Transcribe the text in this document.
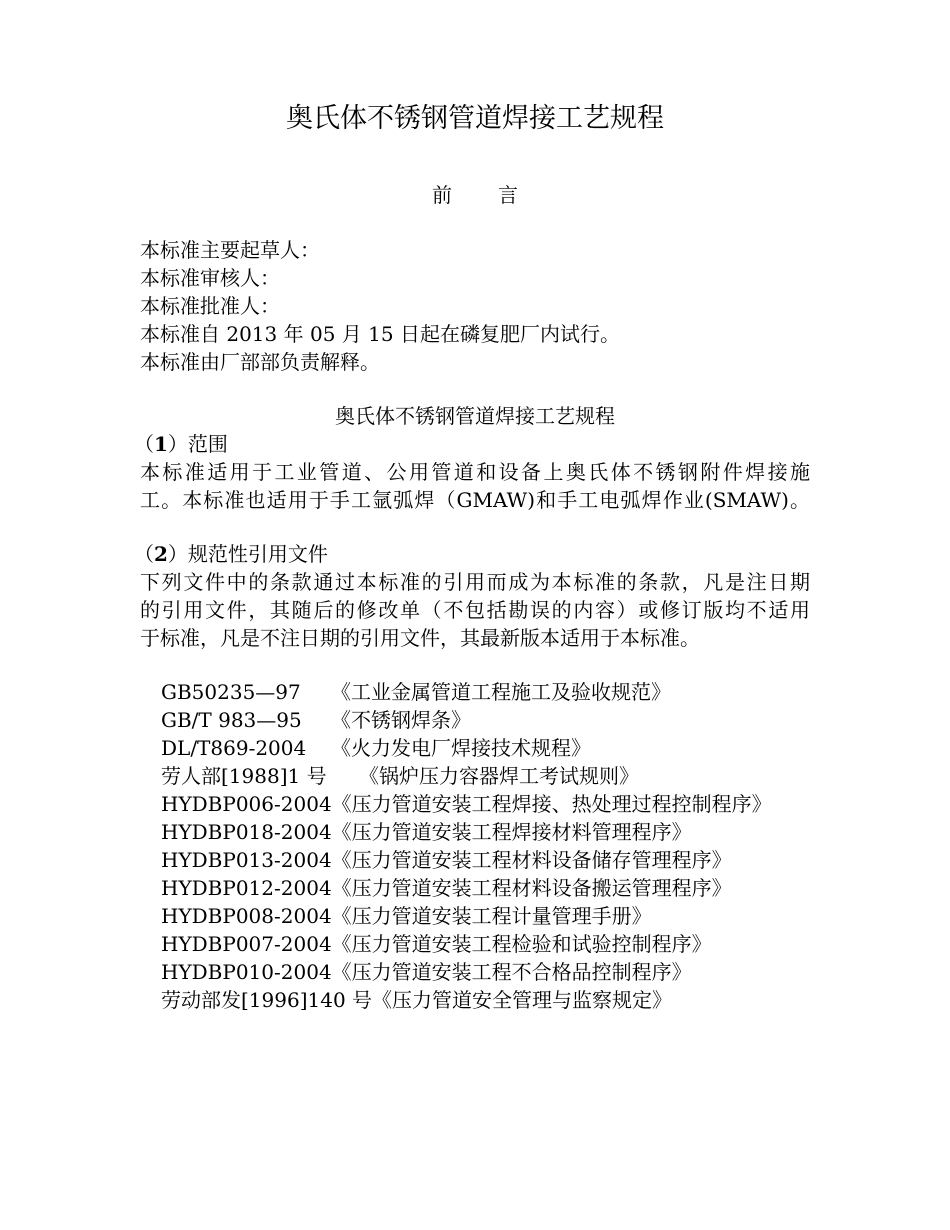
奥氏体不锈钢管道焊接工艺规程
前 言
本标准主要起草人：
本标准审核人：
本标准批准人：
本标准自 2013 年 05 月 15 日起在磷复肥厂内试行。
本标准由厂部部负责解释。
奥氏体不锈钢管道焊接工艺规程
（1）范围
本标准适用于工业管道、公用管道和设备上奥氏体不锈钢附件焊接施
工。本标准也适用于手工氩弧焊（GMAW)和手工电弧焊作业(SMAW)。
（2）规范性引用文件
下列文件中的条款通过本标准的引用而成为本标准的条款，凡是注日期
的引用文件，其随后的修改单（不包括勘误的内容）或修订版均不适用
于标准，凡是不注日期的引用文件，其最新版本适用于本标准。
GB50235—97 《工业金属管道工程施工及验收规范》
GB/T 983—95 《不锈钢焊条》
DL/T869-2004 《火力发电厂焊接技术规程》
劳人部[1988]1 号 《锅炉压力容器焊工考试规则》
HYDBP006-2004《压力管道安装工程焊接、热处理过程控制程序》
HYDBP018-2004《压力管道安装工程焊接材料管理程序》
HYDBP013-2004《压力管道安装工程材料设备储存管理程序》
HYDBP012-2004《压力管道安装工程材料设备搬运管理程序》
HYDBP008-2004《压力管道安装工程计量管理手册》
HYDBP007-2004《压力管道安装工程检验和试验控制程序》
HYDBP010-2004《压力管道安装工程不合格品控制程序》
劳动部发[1996]140 号《压力管道安全管理与监察规定》
